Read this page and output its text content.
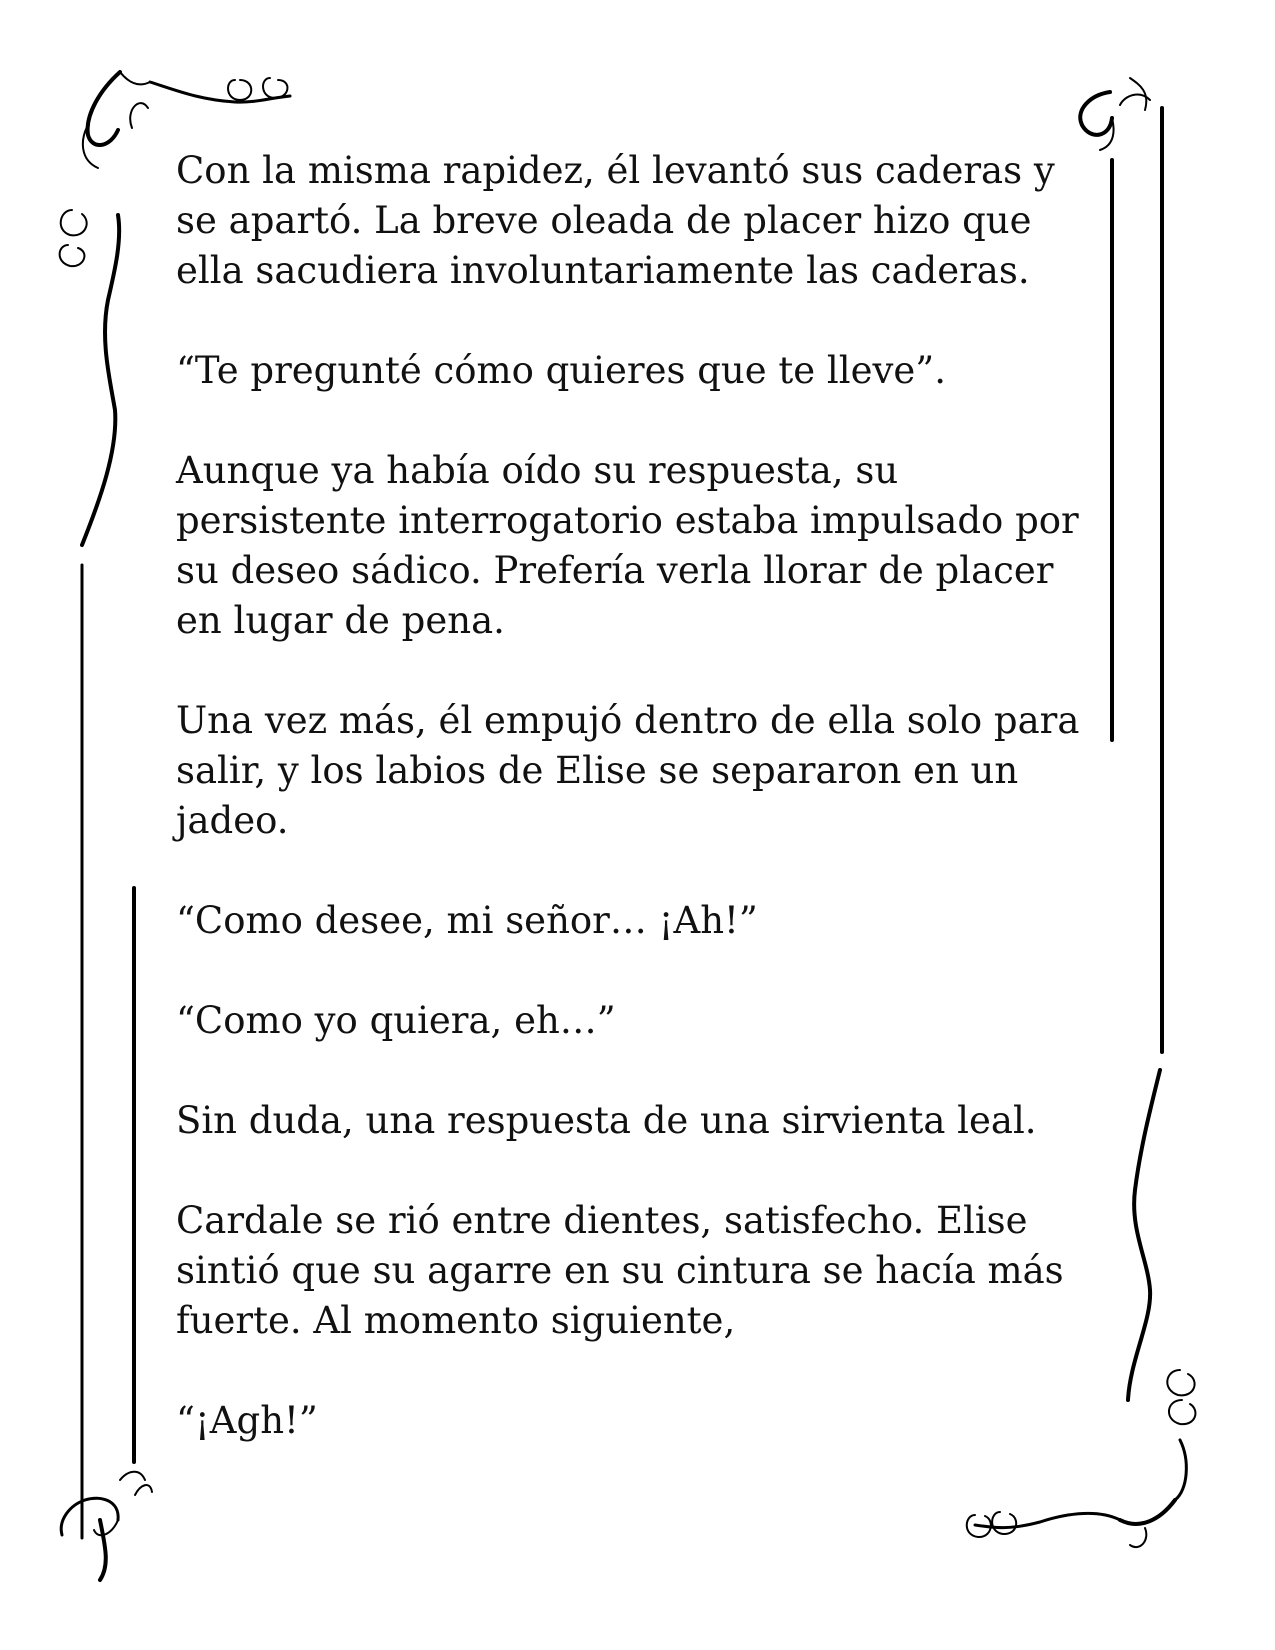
Con la misma rapidez, él levantó sus caderas y se apartó. La breve oleada de placer hizo que ella sacudiera involuntariamente las caderas.

“Te pregunté cómo quieres que te lleve”.

Aunque ya había oído su respuesta, su persistente interrogatorio estaba impulsado por su deseo sádico. Prefería verla llorar de placer en lugar de pena.

Una vez más, él empujó dentro de ella solo para salir, y los labios de Elise se separaron en un jadeo.

“Como desee, mi señor… ¡Ah!”

“Como yo quiera, eh…”

Sin duda, una respuesta de una sirvienta leal.

Cardale se rió entre dientes, satisfecho. Elise sintió que su agarre en su cintura se hacía más fuerte. Al momento siguiente,

“¡Agh!”
